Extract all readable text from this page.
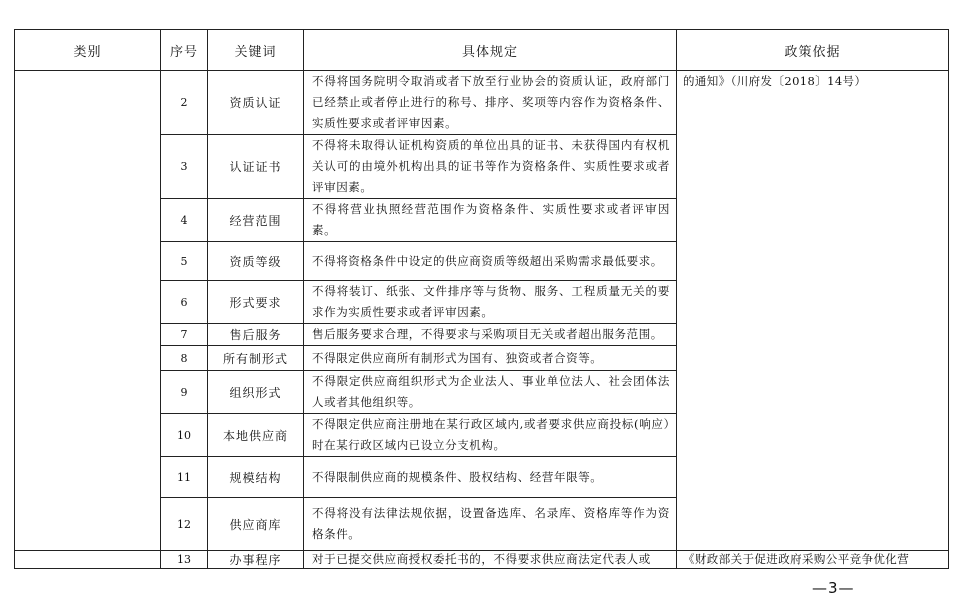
类别	序号	关键词	具体规定	政策依据
	2	资质认证	不得将国务院明令取消或者下放至行业协会的资质认证，政府部门已经禁止或者停止进行的称号、排序、奖项等内容作为资格条件、实质性要求或者评审因素。	的通知》（川府发〔2018〕14号）
	3	认证证书	不得将未取得认证机构资质的单位出具的证书、未获得国内有权机关认可的由境外机构出具的证书等作为资格条件、实质性要求或者评审因素。	
	4	经营范围	不得将营业执照经营范围作为资格条件、实质性要求或者评审因素。	
	5	资质等级	不得将资格条件中设定的供应商资质等级超出采购需求最低要求。	
	6	形式要求	不得将装订、纸张、文件排序等与货物、服务、工程质量无关的要求作为实质性要求或者评审因素。	
	7	售后服务	售后服务要求合理，不得要求与采购项目无关或者超出服务范围。	
	8	所有制形式	不得限定供应商所有制形式为国有、独资或者合资等。	
	9	组织形式	不得限定供应商组织形式为企业法人、事业单位法人、社会团体法人或者其他组织等。	
	10	本地供应商	不得限定供应商注册地在某行政区域内,或者要求供应商投标(响应）时在某行政区域内已设立分支机构。	
	11	规模结构	不得限制供应商的规模条件、股权结构、经营年限等。	
	12	供应商库	不得将没有法律法规依据，设置备选库、名录库、资格库等作为资格条件。	
	13	办事程序	对于已提交供应商授权委托书的，不得要求供应商法定代表人或	《财政部关于促进政府采购公平竞争优化营
—3—
